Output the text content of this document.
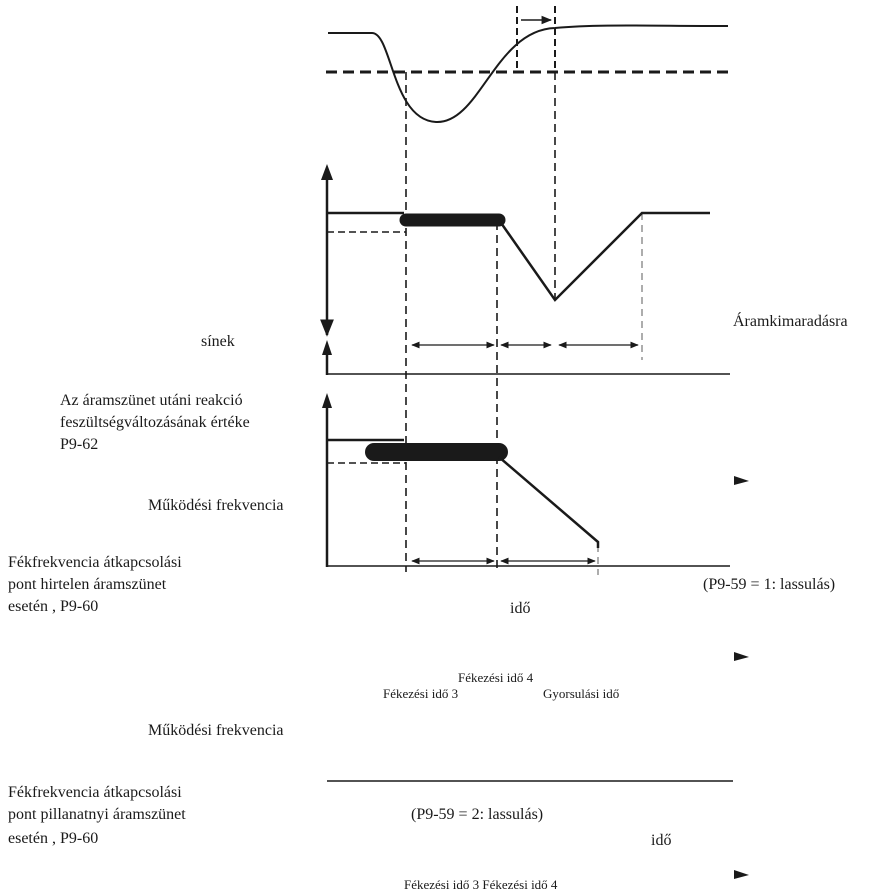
sínek
Áramkimaradásra
Az áramszünet utáni reakció
feszültségváltozásának értéke
P9-62
Működési frekvencia
Fékfrekvencia átkapcsolási
pont hirtelen áramszünet
esetén , P9-60
(P9-59 = 1: lassulás)
idő
Fékezési idő 4
Fékezési idő 3	Gyorsulási idő
Működési frekvencia
Fékfrekvencia átkapcsolási
pont pillanatnyi áramszünet
esetén , P9-60
(P9-59 = 2: lassulás)
idő
Fékezési idő 3 Fékezési idő 4
